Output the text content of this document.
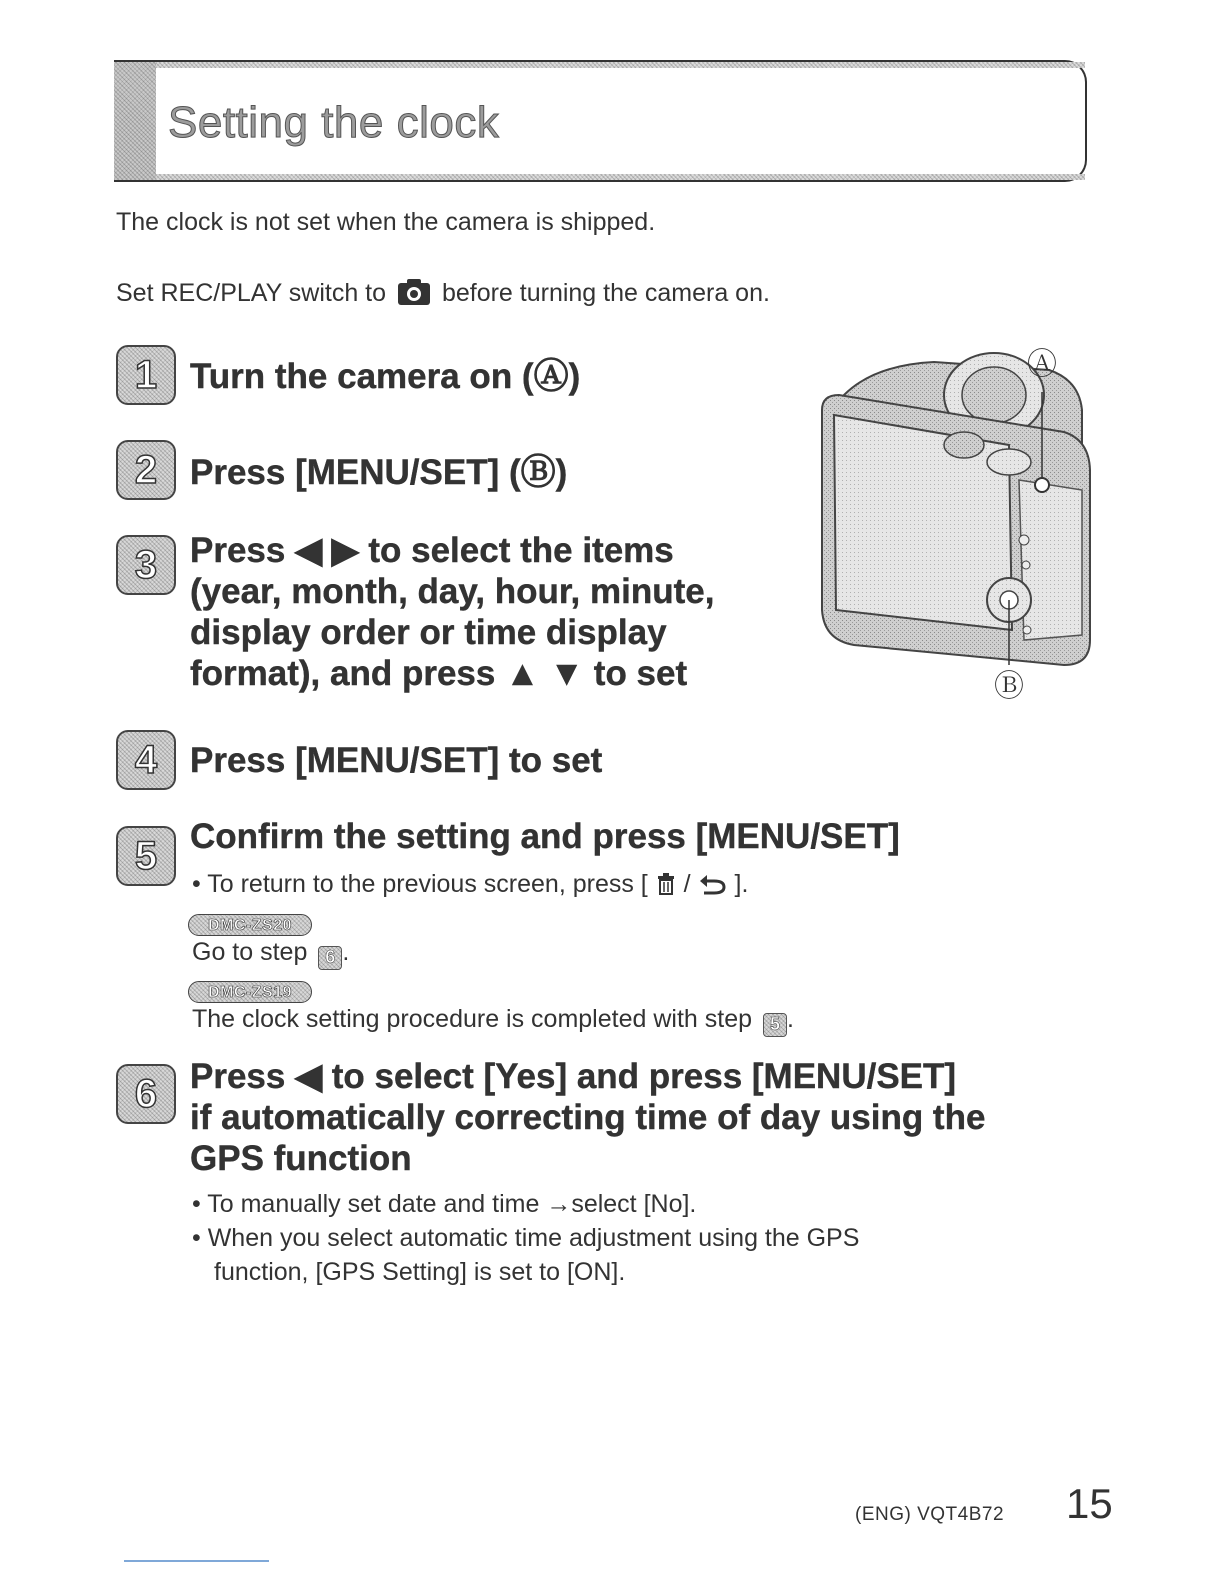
Setting the clock
The clock is not set when the camera is shipped.
Set REC/PLAY switch to before turning the camera on.
1 Turn the camera on (Ⓐ)
2 Press [MENU/SET] (Ⓑ)
3 Press ◀ ▶ to select the items
(year, month, day, hour, minute,
display order or time display
format), and press ▲ ▼ to set
Ⓐ
Ⓑ
4 Press [MENU/SET] to set
5 Confirm the setting and press [MENU/SET]
• To return to the previous screen, press [  /  ].
DMC-ZS20
Go to step 6 .
DMC-ZS19
The clock setting procedure is completed with step 5 .
6 Press ◀ to select [Yes] and press [MENU/SET]
if automatically correcting time of day using the
GPS function
• To manually set date and time →select [No].
• When you select automatic time adjustment using the GPS
function, [GPS Setting] is set to [ON].
(ENG) VQT4B72 15
